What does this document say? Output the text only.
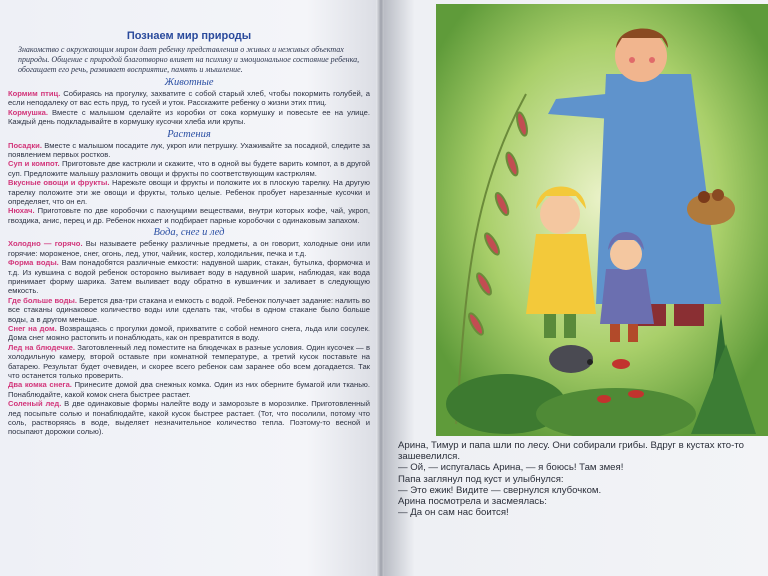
Познаем мир природы
Знакомство с окружающим миром дает ребенку представления о живых и неживых объектах природы. Общение с природой благотворно влияет на психику и эмоциональное состояние ребенка, обогащает его речь, развивает восприятие, память и мышление.
Животные

Кормим птиц. Собираясь на прогулку, захватите с собой старый хлеб, чтобы покормить голубей, а если неподалеку от вас есть пруд, то гусей и уток. Расскажите ребенку о жизни этих птиц.

Кормушка. Вместе с малышом сделайте из коробки от сока кормушку и повесьте ее на улице. Каждый день подкладывайте в кормушку кусочки хлеба или крупы.

Растения

Посадки. Вместе с малышом посадите лук, укроп или петрушку. Ухаживайте за посадкой, следите за появлением первых ростков.

Суп и компот. Приготовьте две кастрюли и скажите, что в одной вы будете варить компот, а в другой суп. Предложите малышу разложить овощи и фрукты по соответствующим кастрюлям.

Вкусные овощи и фрукты. Нарежьте овощи и фрукты и положите их в плоскую тарелку. На другую тарелку положите эти же овощи и фрукты, только целые. Ребенок пробует нарезанные кусочки и определяет, что он ел.

Нюхач. Приготовьте по две коробочки с пахнущими веществами, внутри которых кофе, чай, укроп, гвоздика, анис, перец и др. Ребенок нюхает и подбирает парные коробочки с одинаковым запахом.

Вода, снег и лед

Холодно — горячо. Вы называете ребенку различные предметы, а он говорит, холодные они или горячие: мороженое, снег, огонь, лед, утюг, чайник, костер, холодильник, печка и т.д.

Форма воды. Вам понадобятся различные емкости: надувной шарик, стакан, бутылка, формочка и т.д. Из кувшина с водой ребенок осторожно выливает воду в надувной шарик, наблюдая, как вода принимает форму шарика. Затем выливает воду обратно в кувшинчик и заливает в следующую емкость.

Где больше воды. Берется два-три стакана и емкость с водой. Ребенок получает задание: налить во все стаканы одинаковое количество воды или сделать так, чтобы в одном стакане было больше воды, а в другом меньше.

Снег на дом. Возвращаясь с прогулки домой, прихватите с собой немного снега, льда или сосулек. Дома снег можно растопить и понаблюдать, как он превратится в воду.

Лед на блюдечке. Заготовленный лед поместите на блюдечках в разные условия. Один кусочек — в холодильную камеру, второй оставьте при комнатной температуре, а третий кусок поставьте на батарею. Результат будет очевиден, и скорее всего ребенок сам заранее обо всем догадается. Так что останется только проверить.

Два комка снега. Принесите домой два снежных комка. Один из них оберните бумагой или тканью. Понаблюдайте, какой комок снега быстрее растает.

Соленый лед. В две одинаковые формы налейте воду и заморозьте в морозилке. Приготовленный лед посыпьте солью и понаблюдайте, какой кусок быстрее растает. (Тот, что посолили, потому что соль, растворяясь в воде, выделяет незначительное количество тепла. Поэтому-то весной и посыпают дорожки солью).

Арина, Тимур и папа шли по лесу. Они собирали грибы. Вдруг в кустах кто-то зашевелился.

— Ой, — испугалась Арина, — я боюсь! Там змея!

Папа заглянул под куст и улыбнулся:

— Это ежик! Видите — свернулся клубочком.

Арина посмотрела и засмеялась:

— Да он сам нас боится!
